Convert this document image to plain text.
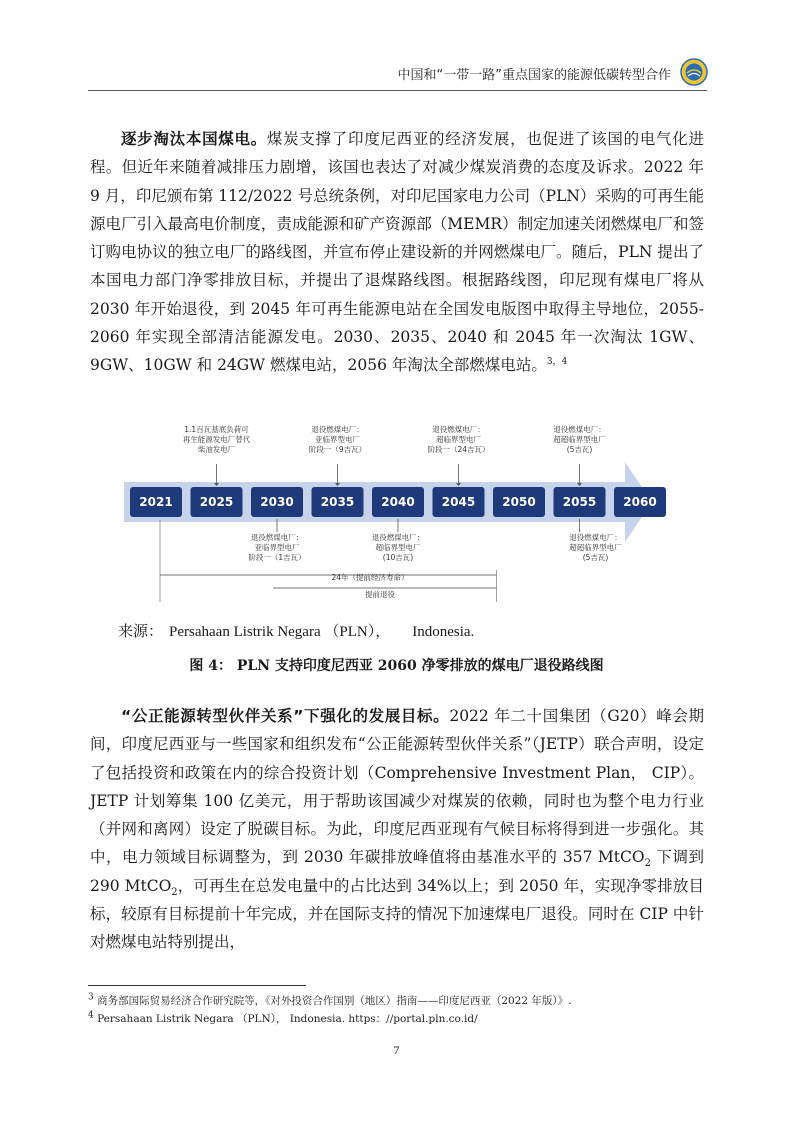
中国和“一带一路”重点国家的能源低碳转型合作

逐步淘汰本国煤电。煤炭支撑了印度尼西亚的经济发展，也促进了该国的电气化进程。但近年来随着减排压力剧增，该国也表达了对减少煤炭消费的态度及诉求。2022 年 9 月，印尼颁布第 112/2022 号总统条例，对印尼国家电力公司（PLN）采购的可再生能源电厂引入最高电价制度，责成能源和矿产资源部（MEMR）制定加速关闭燃煤电厂和签订购电协议的独立电厂的路线图，并宣布停止建设新的并网燃煤电厂。随后，PLN 提出了本国电力部门净零排放目标，并提出了退煤路线图。根据路线图，印尼现有煤电厂将从 2030 年开始退役，到 2045 年可再生能源电站在全国发电版图中取得主导地位，2055-2060 年实现全部清洁能源发电。2030、2035、2040 和 2045 年一次淘汰 1GW、9GW、10GW 和 24GW 燃煤电站，2056 年淘汰全部燃煤电站。$^{3,4}$

2021 2025 2030 2035 2040 2045 2050 2055 2060
1.1百瓦基底负荷可
再生能源发电厂替代
柴油发电厂
退役燃煤电厂：
亚临界型电厂
阶段一（9吉瓦）
退役燃煤电厂：
超临界型电厂
阶段一（24吉瓦）
退役燃煤电厂：
超超临界型电厂
(5吉瓦)
退役燃煤电厂：
亚临界型电厂
阶段一（1吉瓦）
退役燃煤电厂：
超临界型电厂
(10吉瓦)
退役燃煤电厂：
超超临界型电厂
(5吉瓦)
24年（提前经济寿命）
提前退役
来源： Persahaan Listrik Negara （PLN）， Indonesia.
图 4： PLN 支持印度尼西亚 2060 净零排放的煤电厂退役路线图

“公正能源转型伙伴关系”下强化的发展目标。2022 年二十国集团（G20）峰会期间，印度尼西亚与一些国家和组织发布“公正能源转型伙伴关系”（JETP）联合声明，设定了包括投资和政策在内的综合投资计划（Comprehensive Investment Plan， CIP）。JETP 计划筹集 100 亿美元，用于帮助该国减少对煤炭的依赖，同时也为整个电力行业（并网和离网）设定了脱碳目标。为此，印度尼西亚现有气候目标将得到进一步强化。其中，电力领域目标调整为，到 2030 年碳排放峰值将由基准水平的 357 MtCO$_2$ 下调到 290 MtCO$_2$，可再生在总发电量中的占比达到 34%以上；到 2050 年，实现净零排放目标，较原有目标提前十年完成，并在国际支持的情况下加速煤电厂退役。同时在 CIP 中针对燃煤电站特别提出，

$^3$ 商务部国际贸易经济合作研究院等，《对外投资合作国别（地区）指南——印度尼西亚（2022 年版）》.
$^4$ Persahaan Listrik Negara （PLN）， Indonesia. https：//portal.pln.co.id/
7
